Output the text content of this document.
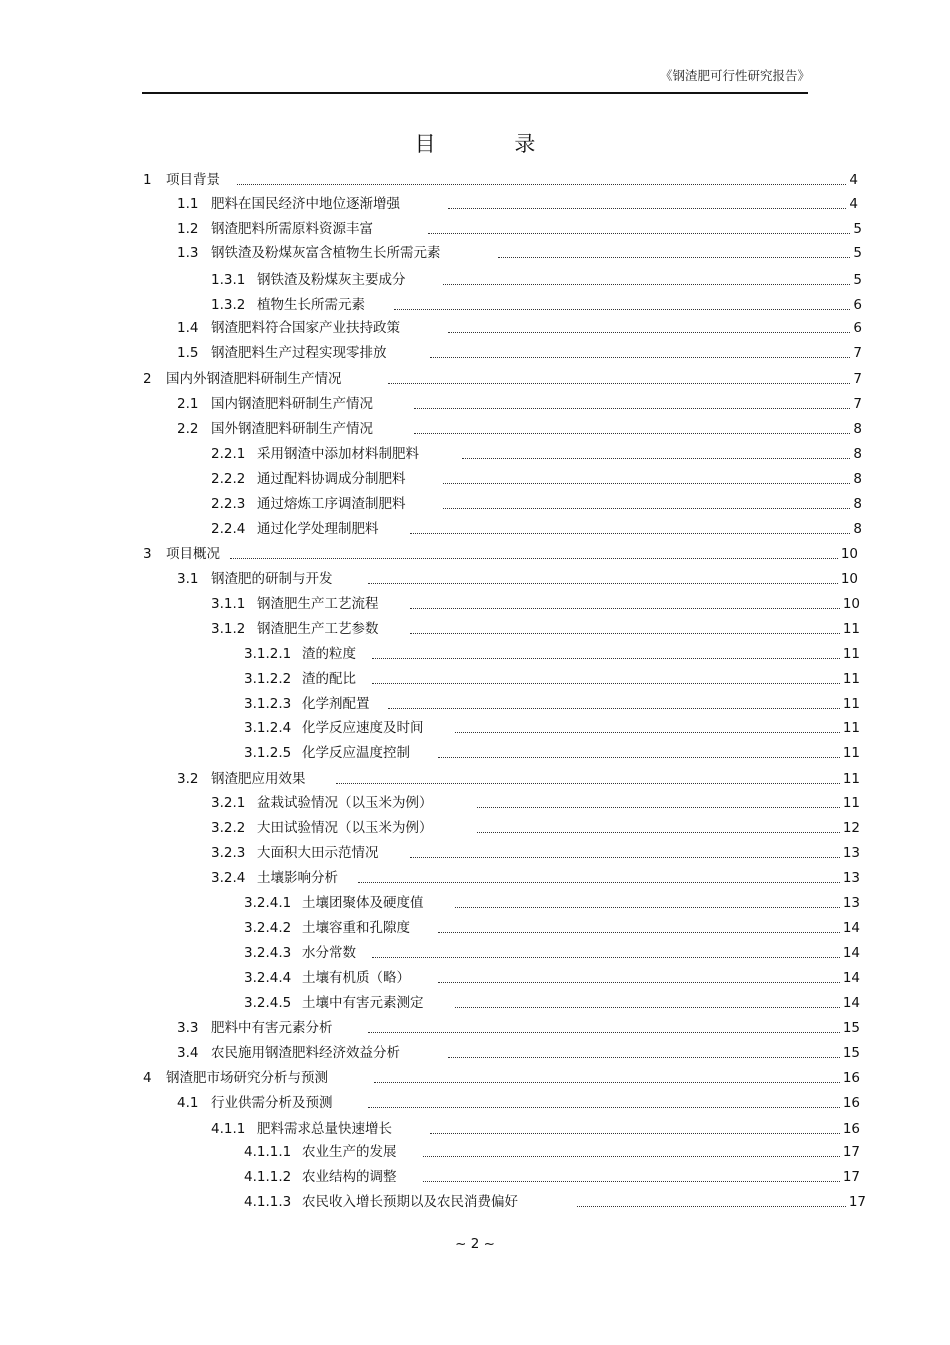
《钢渣肥可行性研究报告》
目 录
1 项目背景	4
1.1 肥料在国民经济中地位逐渐增强	4
1.2 钢渣肥料所需原料资源丰富	5
1.3 钢铁渣及粉煤灰富含植物生长所需元素	5
1.3.1 钢铁渣及粉煤灰主要成分	5
1.3.2 植物生长所需元素	6
1.4 钢渣肥料符合国家产业扶持政策	6
1.5 钢渣肥料生产过程实现零排放	7
2 国内外钢渣肥料研制生产情况	7
2.1 国内钢渣肥料研制生产情况	7
2.2 国外钢渣肥料研制生产情况	8
2.2.1 采用钢渣中添加材料制肥料	8
2.2.2 通过配料协调成分制肥料	8
2.2.3 通过熔炼工序调渣制肥料	8
2.2.4 通过化学处理制肥料	8
3 项目概况	10
3.1 钢渣肥的研制与开发	10
3.1.1 钢渣肥生产工艺流程	10
3.1.2 钢渣肥生产工艺参数	11
3.1.2.1 渣的粒度	11
3.1.2.2 渣的配比	11
3.1.2.3 化学剂配置	11
3.1.2.4 化学反应速度及时间	11
3.1.2.5 化学反应温度控制	11
3.2 钢渣肥应用效果	11
3.2.1 盆栽试验情况（以玉米为例）	11
3.2.2 大田试验情况（以玉米为例）	12
3.2.3 大面积大田示范情况	13
3.2.4 土壤影响分析	13
3.2.4.1 土壤团聚体及硬度值	13
3.2.4.2 土壤容重和孔隙度	14
3.2.4.3 水分常数	14
3.2.4.4 土壤有机质（略）	14
3.2.4.5 土壤中有害元素测定	14
3.3 肥料中有害元素分析	15
3.4 农民施用钢渣肥料经济效益分析	15
4 钢渣肥市场研究分析与预测	16
4.1 行业供需分析及预测	16
4.1.1 肥料需求总量快速增长	16
4.1.1.1 农业生产的发展	17
4.1.1.2 农业结构的调整	17
4.1.1.3 农民收入增长预期以及农民消费偏好	17
~ 2 ~
